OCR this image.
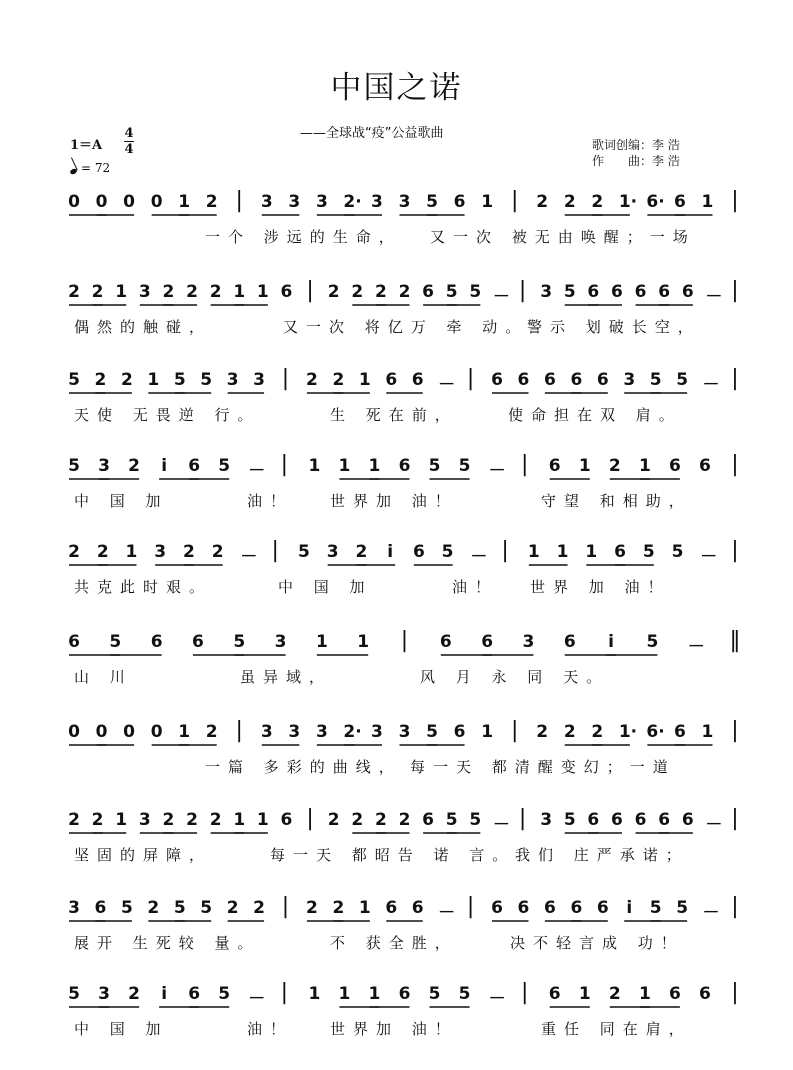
中国之诺
——全球战“疫”公益歌曲
歌词创编：李 浩
作　　曲：李 浩
1＝A
4
4
= 72
0 0 0 0 1 2 | 3 3 3 2· 3 3 5 6 1 | 2 2 2 1· 6· 6 1 |
一个 涉远的生命， 又一次 被无由唤醒；一场
2 2 1 3 2 2 2 1 1 6 | 2 2 2 2 6 5 5 － | 3 5 6 6 6 6 6 － |
偶然的触碰，	又一次 将亿万 牵 动。
警示 划破长空，
5 2 2 1 5 5 3 3 | 2 2 1 6 6 － | 6 6 6 6 6 3 5 5 － |
天使 无畏逆 行。	生 死在前，	使命担在双 肩。
5 3 2 i 6 5 － | 1 1 1 6 5 5 － | 6 1 2 1 6 6 |
中 国 加	油！ 世界加 油！	守望 和相助，
2 2 1 3 2 2 － | 5 3 2 i 6 5 － | 1 1 1 6 5 5 － |
共克此时艰。	中 国 加	油！ 世界 加 油！
6 5 6 6 5 3 1 1 | 6 6 3 6 i 5 － ‖
山 川	虽异域，	风 月 永 同 天。
0 0 0 0 1 2 | 3 3 3 2· 3 3 5 6 1 | 2 2 2 1· 6· 6 1 |
一篇 多彩的曲线， 每一天 都清醒变幻；一道
2 2 1 3 2 2 2 1 1 6 | 2 2 2 2 6 5 5 － | 3 5 6 6 6 6 6 － |
坚固的屏障，	每一天 都昭告 诺 言。 我们 庄严承诺；
3 6 5 2 5 5 2 2 | 2 2 1 6 6 － | 6 6 6 6 6 i 5 5 － |
展开 生死较 量。	不 获全胜，	决不轻言成 功！
5 3 2 i 6 5 － | 1 1 1 6 5 5 － | 6 1 2 1 6 6 |
中 国 加	油！ 世界加 油！	重任 同在肩，
